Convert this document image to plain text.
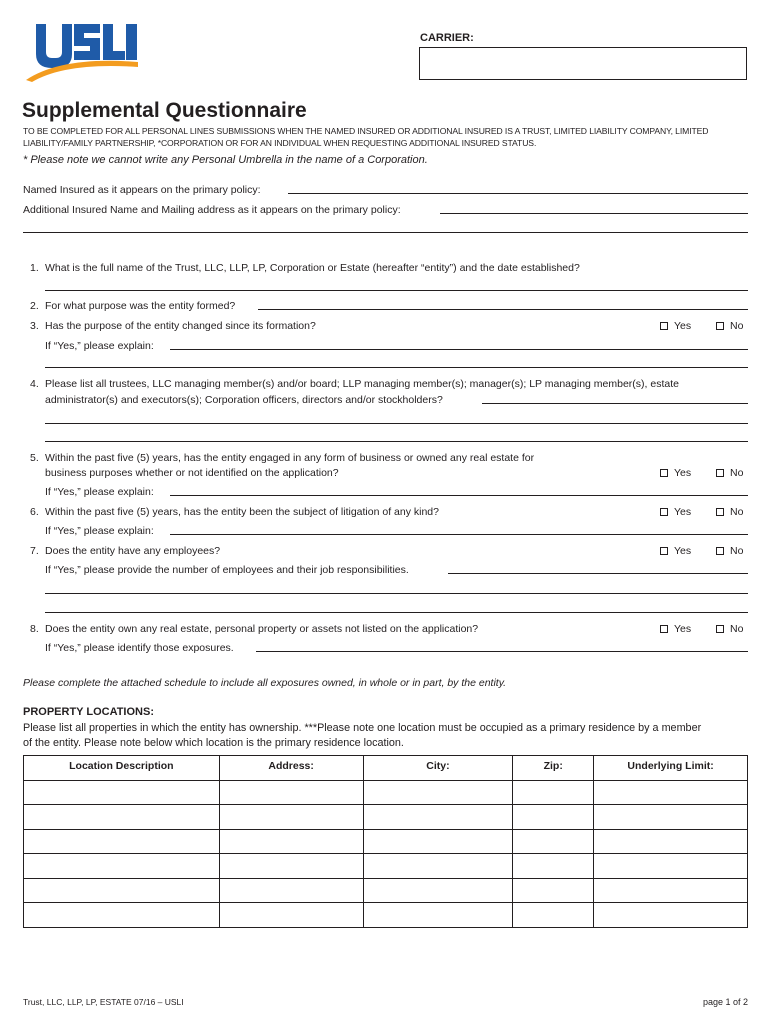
CARRIER:
Supplemental Questionnaire
TO BE COMPLETED FOR ALL PERSONAL LINES SUBMISSIONS WHEN THE NAMED INSURED OR ADDITIONAL INSURED IS A TRUST, LIMITED LIABILITY COMPANY, LIMITED LIABILITY/FAMILY PARTNERSHIP, *CORPORATION OR FOR AN INDIVIDUAL WHEN REQUESTING ADDITIONAL INSURED STATUS.
* Please note we cannot write any Personal Umbrella in the name of a Corporation.
Named Insured as it appears on the primary policy:
Additional Insured Name and Mailing address as it appears on the primary policy:
1. What is the full name of the Trust, LLC, LLP, LP, Corporation or Estate (hereafter “entity”) and the date established?
2. For what purpose was the entity formed?
3. Has the purpose of the entity changed since its formation?	Yes	No
If “Yes,” please explain:
4. Please list all trustees, LLC managing member(s) and/or board; LLP managing member(s); manager(s); LP managing member(s), estate
administrator(s) and executors(s); Corporation officers, directors and/or stockholders?
5. Within the past five (5) years, has the entity engaged in any form of business or owned any real estate for
business purposes whether or not identified on the application?	Yes	No
If “Yes,” please explain:
6. Within the past five (5) years, has the entity been the subject of litigation of any kind?	Yes	No
If “Yes,” please explain:
7. Does the entity have any employees?	Yes	No
If “Yes,” please provide the number of employees and their job responsibilities.
8. Does the entity own any real estate, personal property or assets not listed on the application?	Yes	No
If “Yes,” please identify those exposures.
Please complete the attached schedule to include all exposures owned, in whole or in part, by the entity.
PROPERTY LOCATIONS:
Please list all properties in which the entity has ownership. ***Please note one location must be occupied as a primary residence by a member
of the entity. Please note below which location is the primary residence location.
Location Description	Address:	City:	Zip:	Underlying Limit:

Trust, LLC, LLP, LP, ESTATE 07/16 – USLI	page 1 of 2
